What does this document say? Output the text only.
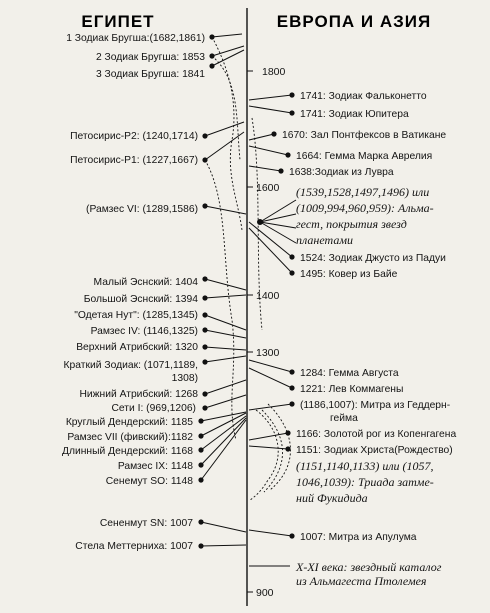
ЕГИПЕТ	ЕВРОПА И АЗИЯ
1800
1600
1400
1300
900
1 Зодиак Бругша:(1682,1861)
2 Зодиак Бругша: 1853
3 Зодиак Бругша: 1841
Петосирис-Р2: (1240,1714)
Петосирис-Р1: (1227,1667)
(Рамзес VI: (1289,1586)
Малый Эснский: 1404
Большой Эснский: 1394
"Одетая Нут": (1285,1345)
Рамзес IV: (1146,1325)
Верхний Атрибский: 1320
Краткий Зодиак: (1071,1189,
1308)
Нижний Атрибский: 1268
Сети I: (969,1206)
Круглый Дендерский: 1185
Рамзес VII (фивский):1182
Длинный Дендерский: 1168
Рамзес IX: 1148
Сенемут SO: 1148
Сененмут SN: 1007
Стела Меттерниха: 1007
1741: Зодиак Фальконетто
1741: Зодиак Юпитера
1670: Зал Понтфексов в Ватикане
1664: Гемма Марка Аврелия
1638:Зодиак из Лувра
1524: Зодиак Джусто из Падуи
1495: Ковер из Байе
1284: Гемма Августа
1221: Лев Коммагены
(1186,1007): Митра из Геддерн-
гейма
1166: Золотой рог из Копенгагена
1151: Зодиак Христа(Рождество)
1007: Митра из Апулума
(1539,1528,1497,1496) или
(1009,994,960,959): Альма-
гест, покрытия звезд
планетами
(1151,1140,1133) или (1057,
1046,1039): Триада затме-
ний Фукидида
X-XI века: звездный каталог
из Альмагеста Птолемея
